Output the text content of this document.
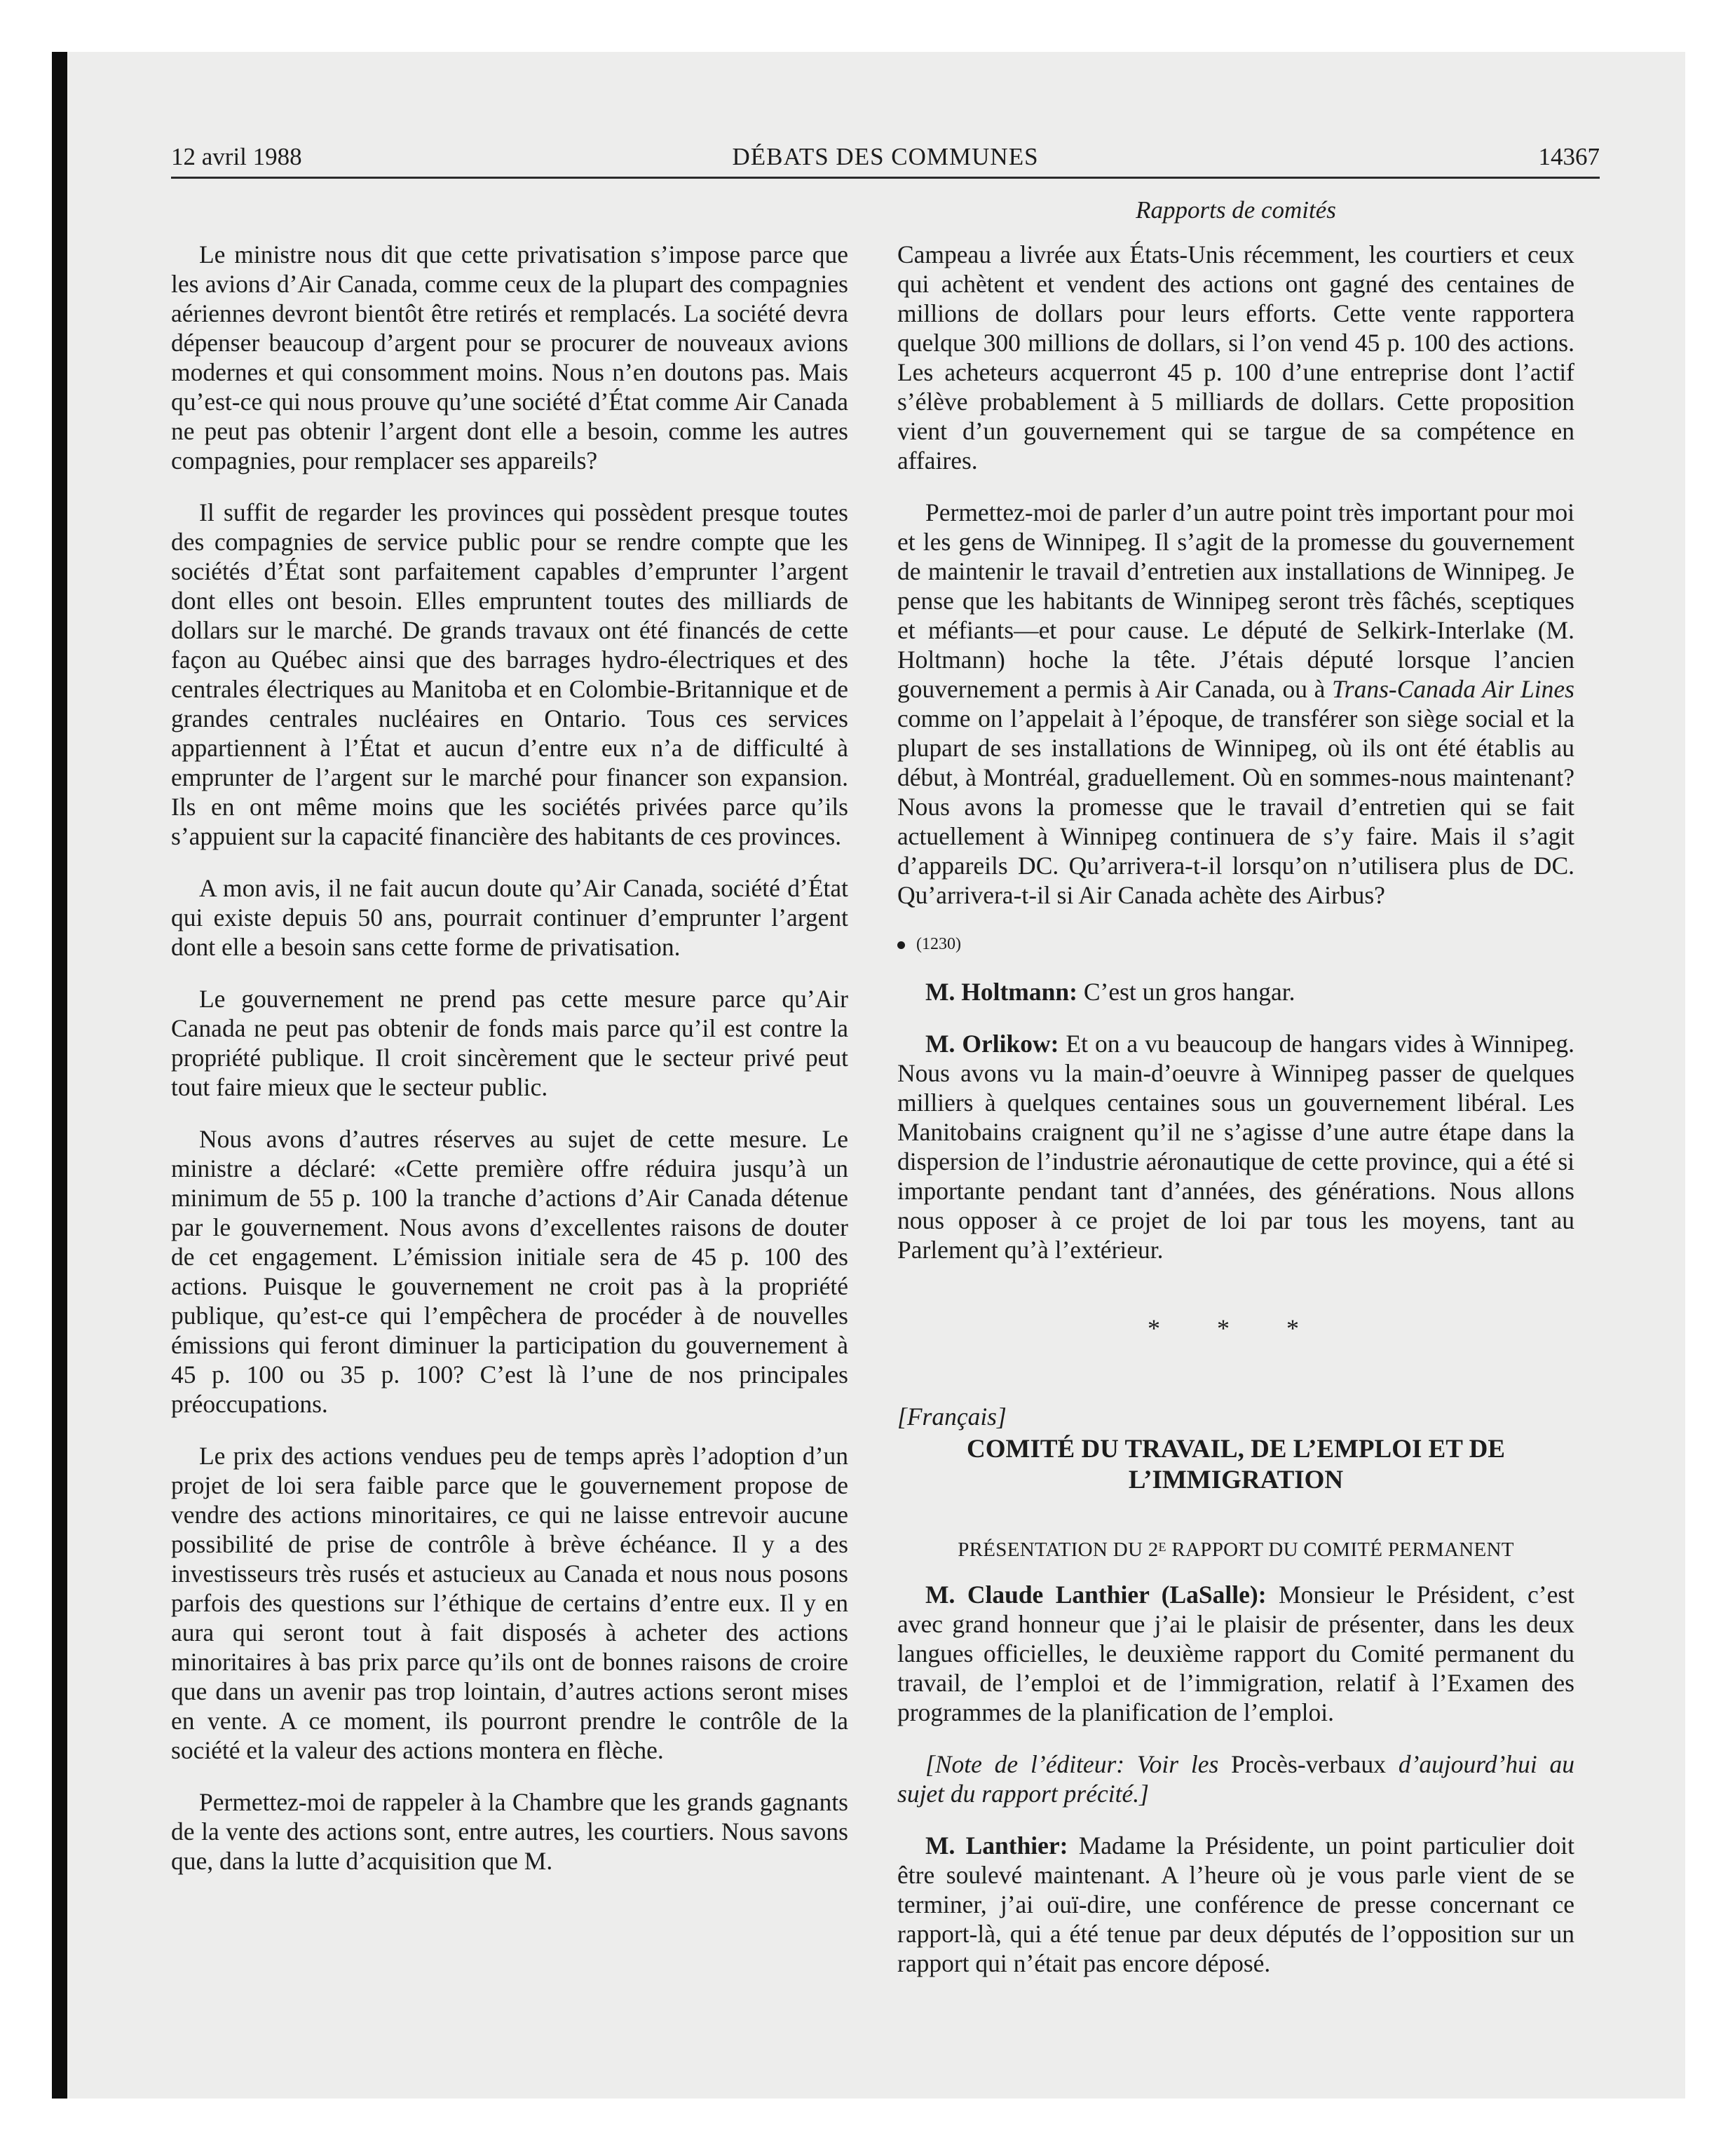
12 avril 1988	DÉBATS DES COMMUNES	14367
Rapports de comités

Le ministre nous dit que cette privatisation s’impose parce que les avions d’Air Canada, comme ceux de la plupart des compagnies aériennes devront bientôt être retirés et remplacés. La société devra dépenser beaucoup d’argent pour se procurer de nouveaux avions modernes et qui consomment moins. Nous n’en doutons pas. Mais qu’est-ce qui nous prouve qu’une société d’État comme Air Canada ne peut pas obtenir l’argent dont elle a besoin, comme les autres compagnies, pour remplacer ses appareils?

Il suffit de regarder les provinces qui possèdent presque toutes des compagnies de service public pour se rendre compte que les sociétés d’État sont parfaitement capables d’emprunter l’argent dont elles ont besoin. Elles empruntent toutes des milliards de dollars sur le marché. De grands travaux ont été financés de cette façon au Québec ainsi que des barrages hydro-électriques et des centrales électriques au Manitoba et en Colombie-Britannique et de grandes centrales nucléaires en Ontario. Tous ces services appartiennent à l’État et aucun d’entre eux n’a de difficulté à emprunter de l’argent sur le marché pour financer son expansion. Ils en ont même moins que les sociétés privées parce qu’ils s’appuient sur la capacité financière des habitants de ces provinces.

A mon avis, il ne fait aucun doute qu’Air Canada, société d’État qui existe depuis 50 ans, pourrait continuer d’emprunter l’argent dont elle a besoin sans cette forme de privatisation.

Le gouvernement ne prend pas cette mesure parce qu’Air Canada ne peut pas obtenir de fonds mais parce qu’il est contre la propriété publique. Il croit sincèrement que le secteur privé peut tout faire mieux que le secteur public.

Nous avons d’autres réserves au sujet de cette mesure. Le ministre a déclaré: «Cette première offre réduira jusqu’à un minimum de 55 p. 100 la tranche d’actions d’Air Canada détenue par le gouvernement. Nous avons d’excellentes raisons de douter de cet engagement. L’émission initiale sera de 45 p. 100 des actions. Puisque le gouvernement ne croit pas à la propriété publique, qu’est-ce qui l’empêchera de procéder à de nouvelles émissions qui feront diminuer la participation du gouvernement à 45 p. 100 ou 35 p. 100? C’est là l’une de nos principales préoccupations.

Le prix des actions vendues peu de temps après l’adoption d’un projet de loi sera faible parce que le gouvernement propose de vendre des actions minoritaires, ce qui ne laisse entrevoir aucune possibilité de prise de contrôle à brève échéance. Il y a des investisseurs très rusés et astucieux au Canada et nous nous posons parfois des questions sur l’éthique de certains d’entre eux. Il y en aura qui seront tout à fait disposés à acheter des actions minoritaires à bas prix parce qu’ils ont de bonnes raisons de croire que dans un avenir pas trop lointain, d’autres actions seront mises en vente. A ce moment, ils pourront prendre le contrôle de la société et la valeur des actions montera en flèche.

Permettez-moi de rappeler à la Chambre que les grands gagnants de la vente des actions sont, entre autres, les courtiers. Nous savons que, dans la lutte d’acquisition que M.

Campeau a livrée aux États-Unis récemment, les courtiers et ceux qui achètent et vendent des actions ont gagné des centaines de millions de dollars pour leurs efforts. Cette vente rapportera quelque 300 millions de dollars, si l’on vend 45 p. 100 des actions. Les acheteurs acquerront 45 p. 100 d’une entreprise dont l’actif s’élève probablement à 5 milliards de dollars. Cette proposition vient d’un gouvernement qui se targue de sa compétence en affaires.

Permettez-moi de parler d’un autre point très important pour moi et les gens de Winnipeg. Il s’agit de la promesse du gouvernement de maintenir le travail d’entretien aux installations de Winnipeg. Je pense que les habitants de Winnipeg seront très fâchés, sceptiques et méfiants—et pour cause. Le député de Selkirk-Interlake (M. Holtmann) hoche la tête. J’étais député lorsque l’ancien gouvernement a permis à Air Canada, ou à Trans-Canada Air Lines comme on l’appelait à l’époque, de transférer son siège social et la plupart de ses installations de Winnipeg, où ils ont été établis au début, à Montréal, graduellement. Où en sommes-nous maintenant? Nous avons la promesse que le travail d’entretien qui se fait actuellement à Winnipeg continuera de s’y faire. Mais il s’agit d’appareils DC. Qu’arrivera-t-il lorsqu’on n’utilisera plus de DC. Qu’arrivera-t-il si Air Canada achète des Airbus?

(1230)

M. Holtmann: C’est un gros hangar.

M. Orlikow: Et on a vu beaucoup de hangars vides à Winnipeg. Nous avons vu la main-d’oeuvre à Winnipeg passer de quelques milliers à quelques centaines sous un gouvernement libéral. Les Manitobains craignent qu’il ne s’agisse d’une autre étape dans la dispersion de l’industrie aéronautique de cette province, qui a été si importante pendant tant d’années, des générations. Nous allons nous opposer à ce projet de loi par tous les moyens, tant au Parlement qu’à l’extérieur.

* * *

[Français]

COMITÉ DU TRAVAIL, DE L’EMPLOI ET DE L’IMMIGRATION
PRÉSENTATION DU $2^E$ RAPPORT DU COMITÉ PERMANENT

M. Claude Lanthier (LaSalle): Monsieur le Président, c’est avec grand honneur que j’ai le plaisir de présenter, dans les deux langues officielles, le deuxième rapport du Comité permanent du travail, de l’emploi et de l’immigration, relatif à l’Examen des programmes de la planification de l’emploi.

[Note de l’éditeur: Voir les Procès-verbaux d’aujourd’hui au sujet du rapport précité.]

M. Lanthier: Madame la Présidente, un point particulier doit être soulevé maintenant. A l’heure où je vous parle vient de se terminer, j’ai ouï-dire, une conférence de presse concernant ce rapport-là, qui a été tenue par deux députés de l’opposition sur un rapport qui n’était pas encore déposé.
